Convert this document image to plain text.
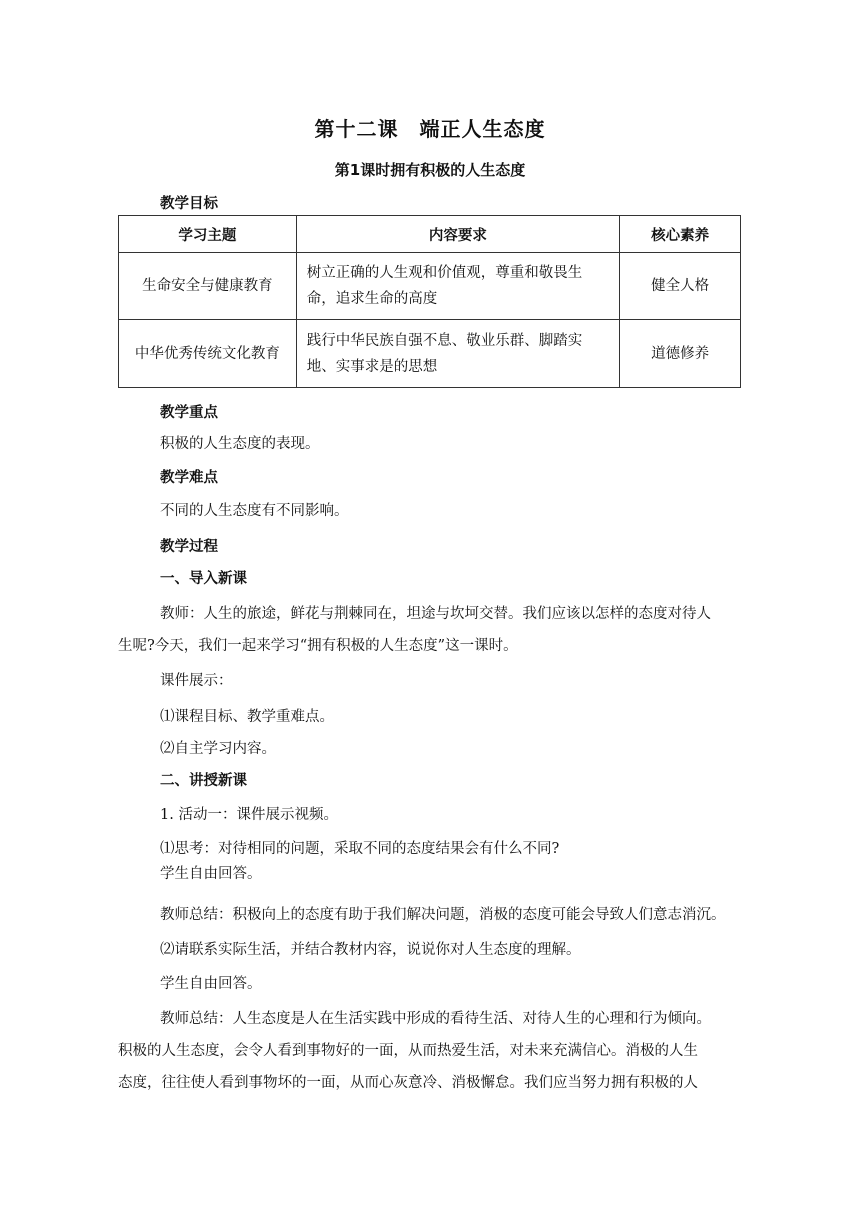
第十二课　端正人生态度
第1课时拥有积极的人生态度
教学目标
学习主题	内容要求	核心素养
生命安全与健康教育	树立正确的人生观和价值观，尊重和敬畏生命，追求生命的高度	健全人格
中华优秀传统文化教育	践行中华民族自强不息、敬业乐群、脚踏实地、实事求是的思想	道德修养
教学重点
积极的人生态度的表现。
教学难点
不同的人生态度有不同影响。
教学过程
一、导入新课
教师：人生的旅途，鲜花与荆棘同在，坦途与坎坷交替。我们应该以怎样的态度对待人
生呢?今天，我们一起来学习“拥有积极的人生态度”这一课时。
课件展示：
⑴课程目标、教学重难点。
⑵自主学习内容。
二、讲授新课
1. 活动一：课件展示视频。
⑴思考：对待相同的问题，采取不同的态度结果会有什么不同?
学生自由回答。
教师总结：积极向上的态度有助于我们解决问题，消极的态度可能会导致人们意志消沉。
⑵请联系实际生活，并结合教材内容，说说你对人生态度的理解。
学生自由回答。
教师总结：人生态度是人在生活实践中形成的看待生活、对待人生的心理和行为倾向。
积极的人生态度，会令人看到事物好的一面，从而热爱生活，对未来充满信心。消极的人生
态度，往往使人看到事物坏的一面，从而心灰意冷、消极懈怠。我们应当努力拥有积极的人
